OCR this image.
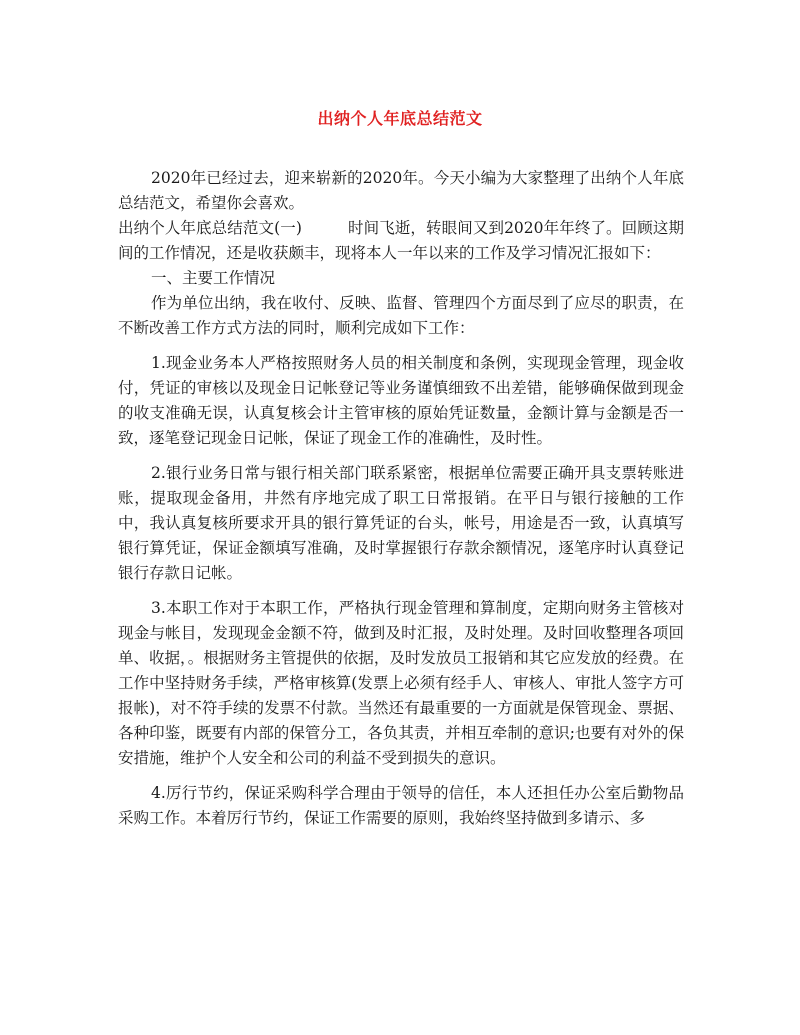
出纳个人年底总结范文

2020年已经过去，迎来崭新的2020年。今天小编为大家整理了出纳个人年底总结范文，希望你会喜欢。

出纳个人年底总结范文(一)	时间飞逝，转眼间又到2020年年终了。回顾这期间的工作情况，还是收获颇丰，现将本人一年以来的工作及学习情况汇报如下：

一、主要工作情况

作为单位出纳，我在收付、反映、监督、管理四个方面尽到了应尽的职责，在不断改善工作方式方法的同时，顺利完成如下工作：

1.现金业务本人严格按照财务人员的相关制度和条例，实现现金管理，现金收付，凭证的审核以及现金日记帐登记等业务谨慎细致不出差错，能够确保做到现金的收支准确无误，认真复核会计主管审核的原始凭证数量，金额计算与金额是否一致，逐笔登记现金日记帐，保证了现金工作的准确性，及时性。

2.银行业务日常与银行相关部门联系紧密，根据单位需要正确开具支票转账进账，提取现金备用，井然有序地完成了职工日常报销。在平日与银行接触的工作中，我认真复核所要求开具的银行算凭证的台头，帐号，用途是否一致，认真填写银行算凭证，保证金额填写准确，及时掌握银行存款余额情况，逐笔序时认真登记银行存款日记帐。

3.本职工作对于本职工作，严格执行现金管理和算制度，定期向财务主管核对现金与帐目，发现现金金额不符，做到及时汇报，及时处理。及时回收整理各项回单、收据，。根据财务主管提供的依据，及时发放员工报销和其它应发放的经费。在工作中坚持财务手续，严格审核算(发票上必须有经手人、审核人、审批人签字方可报帐)，对不符手续的发票不付款。当然还有最重要的一方面就是保管现金、票据、各种印鉴，既要有内部的保管分工，各负其责，并相互牵制的意识;也要有对外的保安措施，维护个人安全和公司的利益不受到损失的意识。

4.厉行节约，保证采购科学合理由于领导的信任，本人还担任办公室后勤物品采购工作。本着厉行节约，保证工作需要的原则，我始终坚持做到多请示、多
